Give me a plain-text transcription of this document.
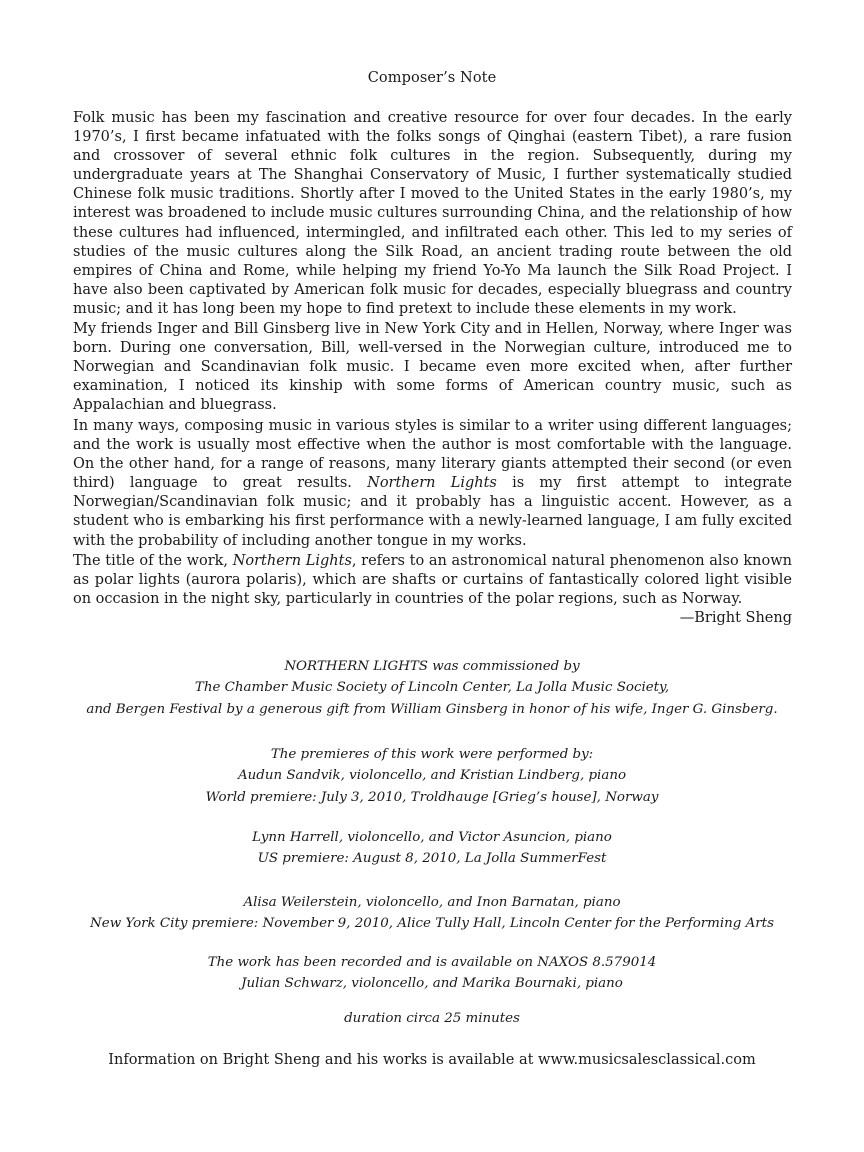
Composer’s Note
Folk music has been my fascination and creative resource for over four decades. In the early 1970’s, I first became infatuated with the folks songs of Qinghai (eastern Tibet), a rare fusion and crossover of several ethnic folk cultures in the region. Subsequently, during my undergraduate years at The Shanghai Conservatory of Music, I further systematically studied Chinese folk music traditions. Shortly after I moved to the United States in the early 1980’s, my interest was broadened to include music cultures surrounding China, and the relationship of how these cultures had influenced, intermingled, and infiltrated each other. This led to my series of studies of the music cultures along the Silk Road, an ancient trading route between the old empires of China and Rome, while helping my friend Yo-Yo Ma launch the Silk Road Project. I have also been captivated by American folk music for decades, especially bluegrass and country music; and it has long been my hope to find pretext to include these elements in my work.
My friends Inger and Bill Ginsberg live in New York City and in Hellen, Norway, where Inger was born. During one conversation, Bill, well-versed in the Norwegian culture, introduced me to Norwegian and Scandinavian folk music. I became even more excited when, after further examination, I noticed its kinship with some forms of American country music, such as Appalachian and bluegrass.
In many ways, composing music in various styles is similar to a writer using different languages; and the work is usually most effective when the author is most comfortable with the language. On the other hand, for a range of reasons, many literary giants attempted their second (or even third) language to great results. Northern Lights is my first attempt to integrate Norwegian/Scandinavian folk music; and it probably has a linguistic accent. However, as a student who is embarking his first performance with a newly-learned language, I am fully excited with the probability of including another tongue in my works.
The title of the work, Northern Lights, refers to an astronomical natural phenomenon also known as polar lights (aurora polaris), which are shafts or curtains of fantastically colored light visible on occasion in the night sky, particularly in countries of the polar regions, such as Norway.
—Bright Sheng
NORTHERN LIGHTS was commissioned by
The Chamber Music Society of Lincoln Center, La Jolla Music Society,
and Bergen Festival by a generous gift from William Ginsberg in honor of his wife, Inger G. Ginsberg.
The premieres of this work were performed by:
Audun Sandvik, violoncello, and Kristian Lindberg, piano
World premiere: July 3, 2010, Troldhauge [Grieg’s house], Norway
Lynn Harrell, violoncello, and Victor Asuncion, piano
US premiere: August 8, 2010, La Jolla SummerFest
Alisa Weilerstein, violoncello, and Inon Barnatan, piano
New York City premiere: November 9, 2010, Alice Tully Hall, Lincoln Center for the Performing Arts
The work has been recorded and is available on NAXOS 8.579014
Julian Schwarz, violoncello, and Marika Bournaki, piano
duration circa 25 minutes
Information on Bright Sheng and his works is available at www.musicsalesclassical.com
